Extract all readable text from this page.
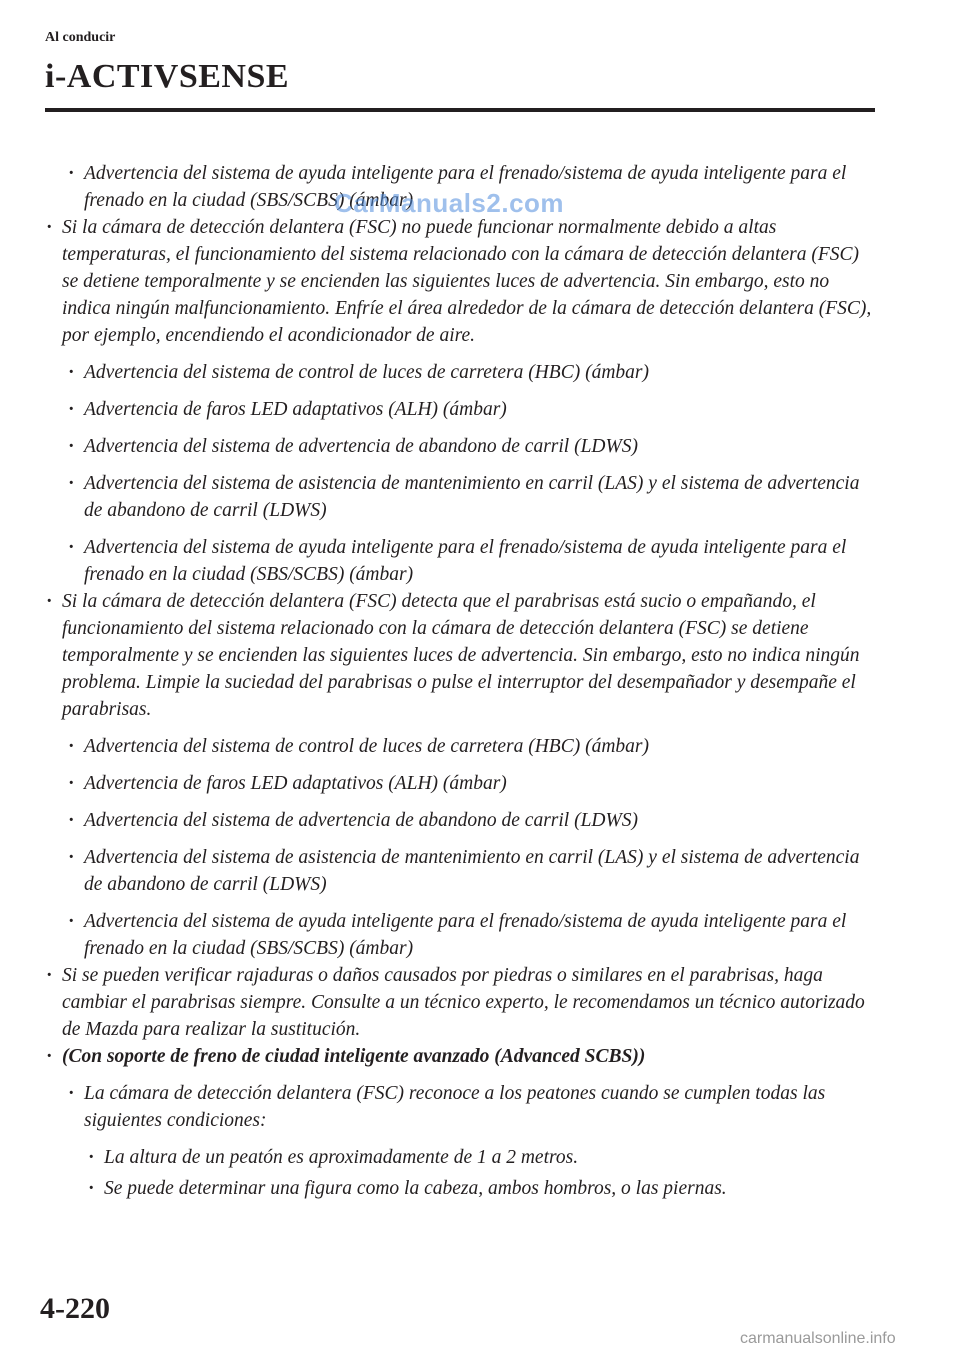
Al conducir
i-ACTIVSENSE
· Advertencia del sistema de ayuda inteligente para el frenado/sistema de ayuda inteligente para el frenado en la ciudad (SBS/SCBS) (ámbar)
· Si la cámara de detección delantera (FSC) no puede funcionar normalmente debido a altas temperaturas, el funcionamiento del sistema relacionado con la cámara de detección delantera (FSC) se detiene temporalmente y se encienden las siguientes luces de advertencia. Sin embargo, esto no indica ningún malfuncionamiento. Enfríe el área alrededor de la cámara de detección delantera (FSC), por ejemplo, encendiendo el acondicionador de aire.
· Advertencia del sistema de control de luces de carretera (HBC) (ámbar)
· Advertencia de faros LED adaptativos (ALH) (ámbar)
· Advertencia del sistema de advertencia de abandono de carril (LDWS)
· Advertencia del sistema de asistencia de mantenimiento en carril (LAS) y el sistema de advertencia de abandono de carril (LDWS)
· Advertencia del sistema de ayuda inteligente para el frenado/sistema de ayuda inteligente para el frenado en la ciudad (SBS/SCBS) (ámbar)
· Si la cámara de detección delantera (FSC) detecta que el parabrisas está sucio o empañando, el funcionamiento del sistema relacionado con la cámara de detección delantera (FSC) se detiene temporalmente y se encienden las siguientes luces de advertencia. Sin embargo, esto no indica ningún problema. Limpie la suciedad del parabrisas o pulse el interruptor del desempañador y desempañe el parabrisas.
· Advertencia del sistema de control de luces de carretera (HBC) (ámbar)
· Advertencia de faros LED adaptativos (ALH) (ámbar)
· Advertencia del sistema de advertencia de abandono de carril (LDWS)
· Advertencia del sistema de asistencia de mantenimiento en carril (LAS) y el sistema de advertencia de abandono de carril (LDWS)
· Advertencia del sistema de ayuda inteligente para el frenado/sistema de ayuda inteligente para el frenado en la ciudad (SBS/SCBS) (ámbar)
· Si se pueden verificar rajaduras o daños causados por piedras o similares en el parabrisas, haga cambiar el parabrisas siempre. Consulte a un técnico experto, le recomendamos un técnico autorizado de Mazda para realizar la sustitución.
· (Con soporte de freno de ciudad inteligente avanzado (Advanced SCBS))
· La cámara de detección delantera (FSC) reconoce a los peatones cuando se cumplen todas las siguientes condiciones:
· La altura de un peatón es aproximadamente de 1 a 2 metros.
· Se puede determinar una figura como la cabeza, ambos hombros, o las piernas.
CarManuals2.com
4-220
carmanualsonline.info
